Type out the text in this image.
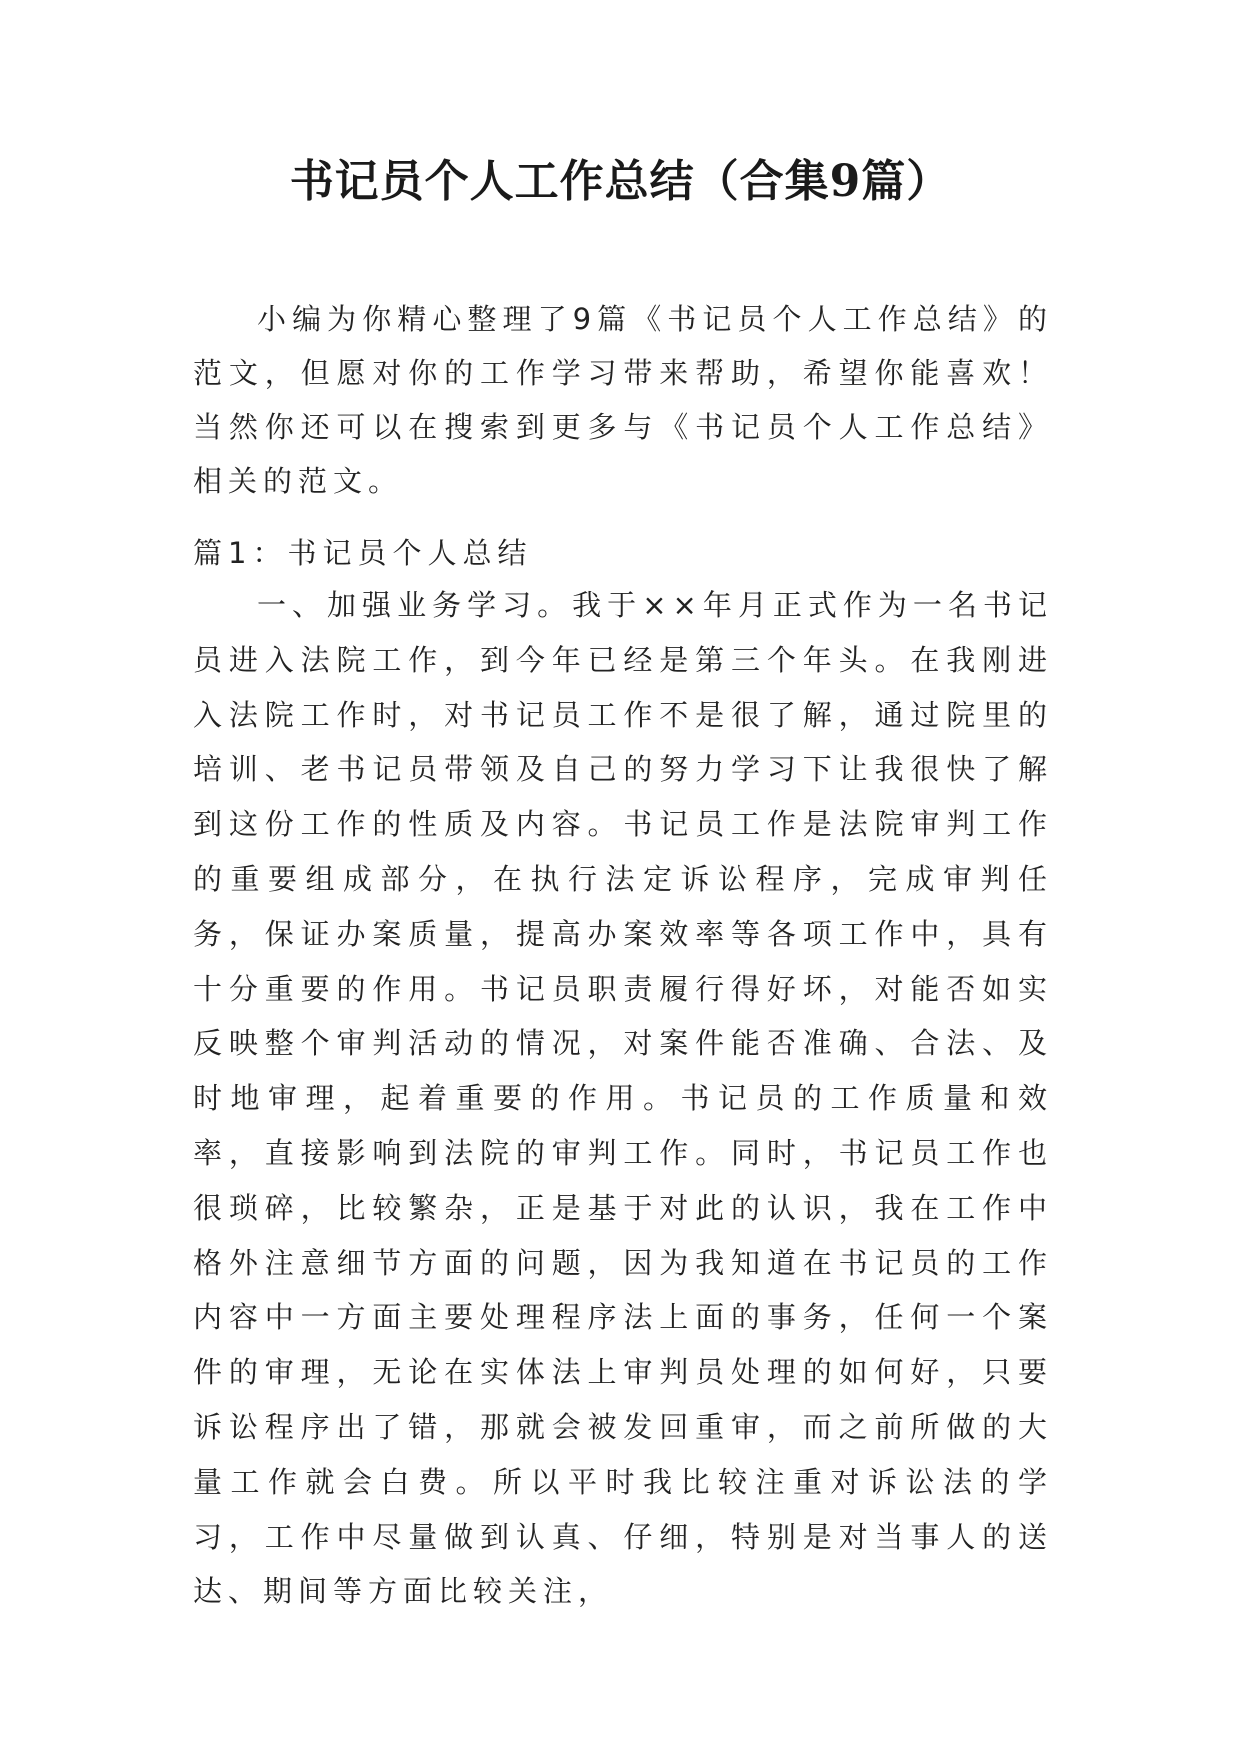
书记员个人工作总结（合集9篇）

小编为你精心整理了9篇《书记员个人工作总结》的范文，但愿对你的工作学习带来帮助，希望你能喜欢！当然你还可以在搜索到更多与《书记员个人工作总结》相关的范文。

篇1：书记员个人总结

一、加强业务学习。我于××年月正式作为一名书记员进入法院工作，到今年已经是第三个年头。在我刚进入法院工作时，对书记员工作不是很了解，通过院里的培训、老书记员带领及自己的努力学习下让我很快了解到这份工作的性质及内容。书记员工作是法院审判工作的重要组成部分，在执行法定诉讼程序，完成审判任务，保证办案质量，提高办案效率等各项工作中，具有十分重要的作用。书记员职责履行得好坏，对能否如实反映整个审判活动的情况，对案件能否准确、合法、及时地审理，起着重要的作用。书记员的工作质量和效率，直接影响到法院的审判工作。同时，书记员工作也很琐碎，比较繁杂，正是基于对此的认识，我在工作中格外注意细节方面的问题，因为我知道在书记员的工作内容中一方面主要处理程序法上面的事务，任何一个案件的审理，无论在实体法上审判员处理的如何好，只要诉讼程序出了错，那就会被发回重审，而之前所做的大量工作就会白费。所以平时我比较注重对诉讼法的学习，工作中尽量做到认真、仔细，特别是对当事人的送达、期间等方面比较关注，
